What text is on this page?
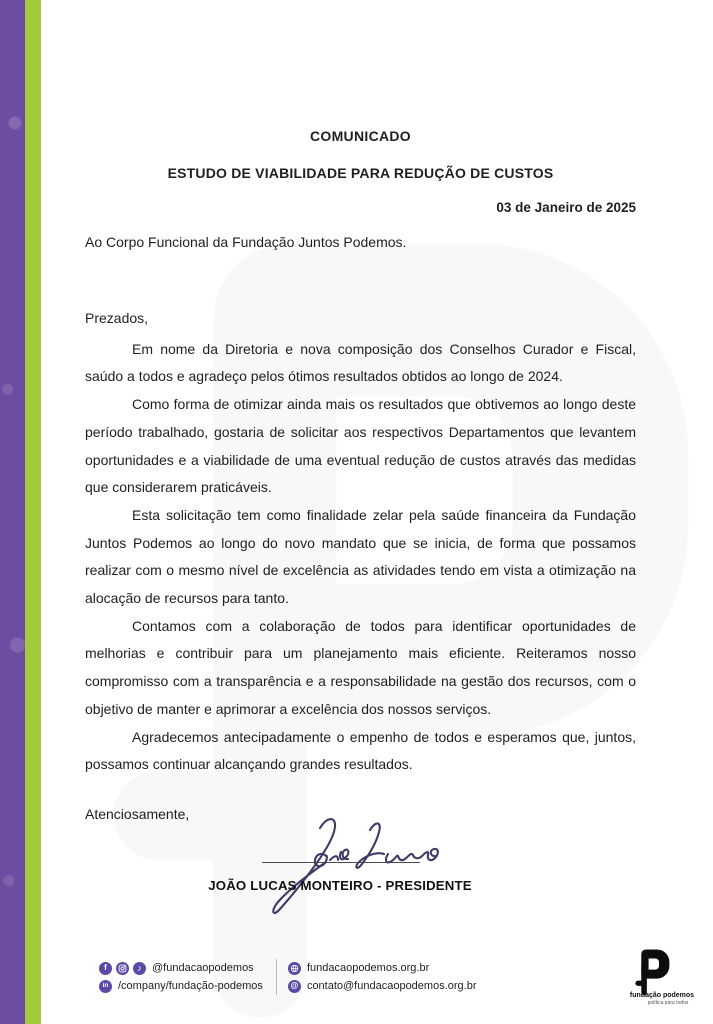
COMUNICADO
ESTUDO DE VIABILIDADE PARA REDUÇÃO DE CUSTOS
03 de Janeiro de 2025
Ao Corpo Funcional da Fundação Juntos Podemos.
Prezados,

Em nome da Diretoria e nova composição dos Conselhos Curador e Fiscal, saúdo a todos e agradeço pelos ótimos resultados obtidos ao longo de 2024.

Como forma de otimizar ainda mais os resultados que obtivemos ao longo deste período trabalhado, gostaria de solicitar aos respectivos Departamentos que levantem oportunidades e a viabilidade de uma eventual redução de custos através das medidas que considerarem praticáveis.

Esta solicitação tem como finalidade zelar pela saúde financeira da Fundação Juntos Podemos ao longo do novo mandato que se inicia, de forma que possamos realizar com o mesmo nível de excelência as atividades tendo em vista a otimização na alocação de recursos para tanto.

Contamos com a colaboração de todos para identificar oportunidades de melhorias e contribuir para um planejamento mais eficiente. Reiteramos nosso compromisso com a transparência e a responsabilidade na gestão dos recursos, com o objetivo de manter e aprimorar a excelência dos nossos serviços.

Agradecemos antecipadamente o empenho de todos e esperamos que, juntos, possamos continuar alcançando grandes resultados.

Atenciosamente,
JOÃO LUCAS MONTEIRO - PRESIDENTE
f	♪ @fundacaopodemos
in /company/fundação-podemos
fundacaopodemos.org.br
@ contato@fundacaopodemos.org.br
fundação podemos
política para todos
